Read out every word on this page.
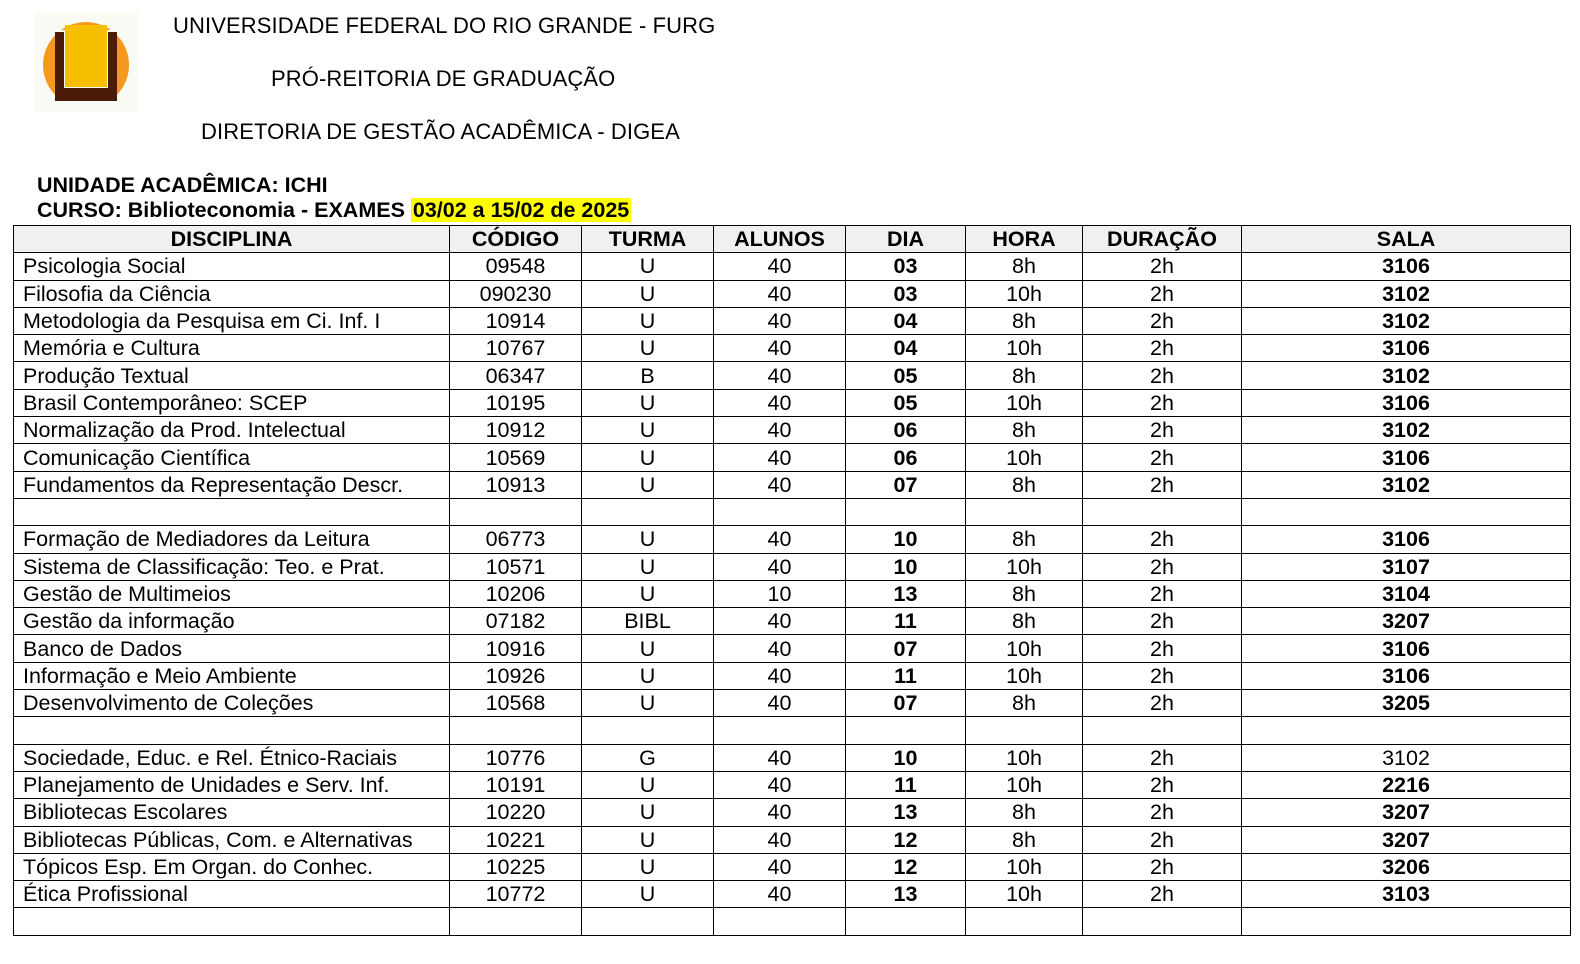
UNIVERSIDADE FEDERAL DO RIO GRANDE - FURG
PRÓ-REITORIA DE GRADUAÇÃO
DIRETORIA DE GESTÃO ACADÊMICA - DIGEA
UNIDADE ACADÊMICA: ICHI
CURSO: Biblioteconomia - EXAMES 03/02 a 15/02 de 2025
DISCIPLINA	CÓDIGO	TURMA	ALUNOS	DIA	HORA	DURAÇÃO	SALA
Psicologia Social	09548	U	40	03	8h	2h	3106
Filosofia da Ciência	090230	U	40	03	10h	2h	3102
Metodologia da Pesquisa em Ci. Inf. I	10914	U	40	04	8h	2h	3102
Memória e Cultura	10767	U	40	04	10h	2h	3106
Produção Textual	06347	B	40	05	8h	2h	3102
Brasil Contemporâneo: SCEP	10195	U	40	05	10h	2h	3106
Normalização da Prod. Intelectual	10912	U	40	06	8h	2h	3102
Comunicação Científica	10569	U	40	06	10h	2h	3106
Fundamentos da Representação Descr.	10913	U	40	07	8h	2h	3102

Formação de Mediadores da Leitura	06773	U	40	10	8h	2h	3106
Sistema de Classificação: Teo. e Prat.	10571	U	40	10	10h	2h	3107
Gestão de Multimeios	10206	U	10	13	8h	2h	3104
Gestão da informação	07182	BIBL	40	11	8h	2h	3207
Banco de Dados	10916	U	40	07	10h	2h	3106
Informação e Meio Ambiente	10926	U	40	11	10h	2h	3106
Desenvolvimento de Coleções	10568	U	40	07	8h	2h	3205

Sociedade, Educ. e Rel. Étnico-Raciais	10776	G	40	10	10h	2h	3102
Planejamento de Unidades e Serv. Inf.	10191	U	40	11	10h	2h	2216
Bibliotecas Escolares	10220	U	40	13	8h	2h	3207
Bibliotecas Públicas, Com. e Alternativas	10221	U	40	12	8h	2h	3207
Tópicos Esp. Em Organ. do Conhec.	10225	U	40	12	10h	2h	3206
Ética Profissional	10772	U	40	13	10h	2h	3103
